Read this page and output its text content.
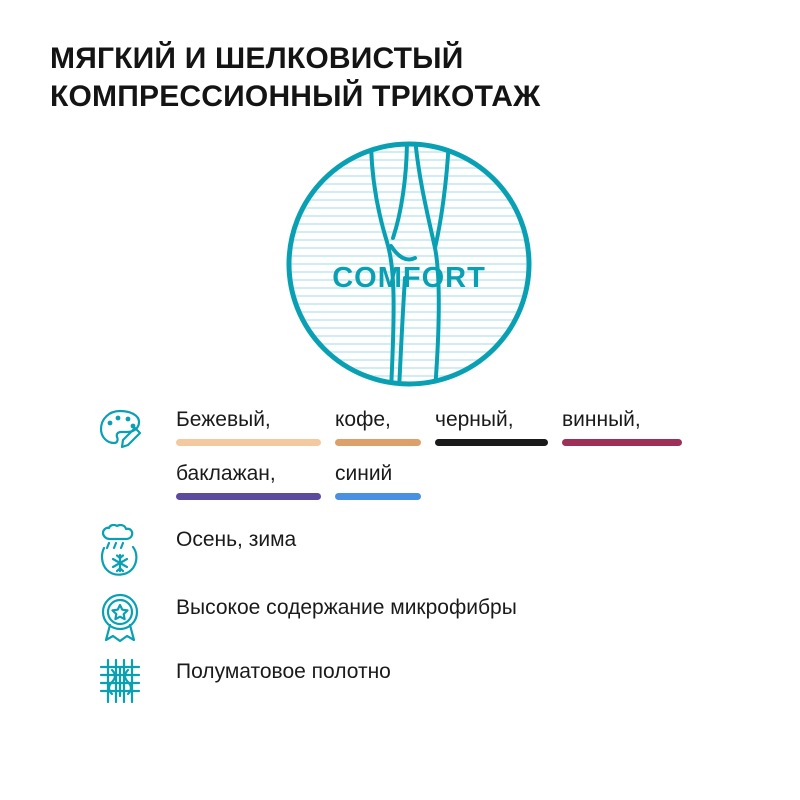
МЯГКИЙ И ШЕЛКОВИСТЫЙ
КОМПРЕССИОННЫЙ ТРИКОТАЖ
COMFORT
Бежевый,	кофе,	черный,	винный,
баклажан,	синий
Осень, зима
Высокое содержание микрофибры
Полуматовое полотно
